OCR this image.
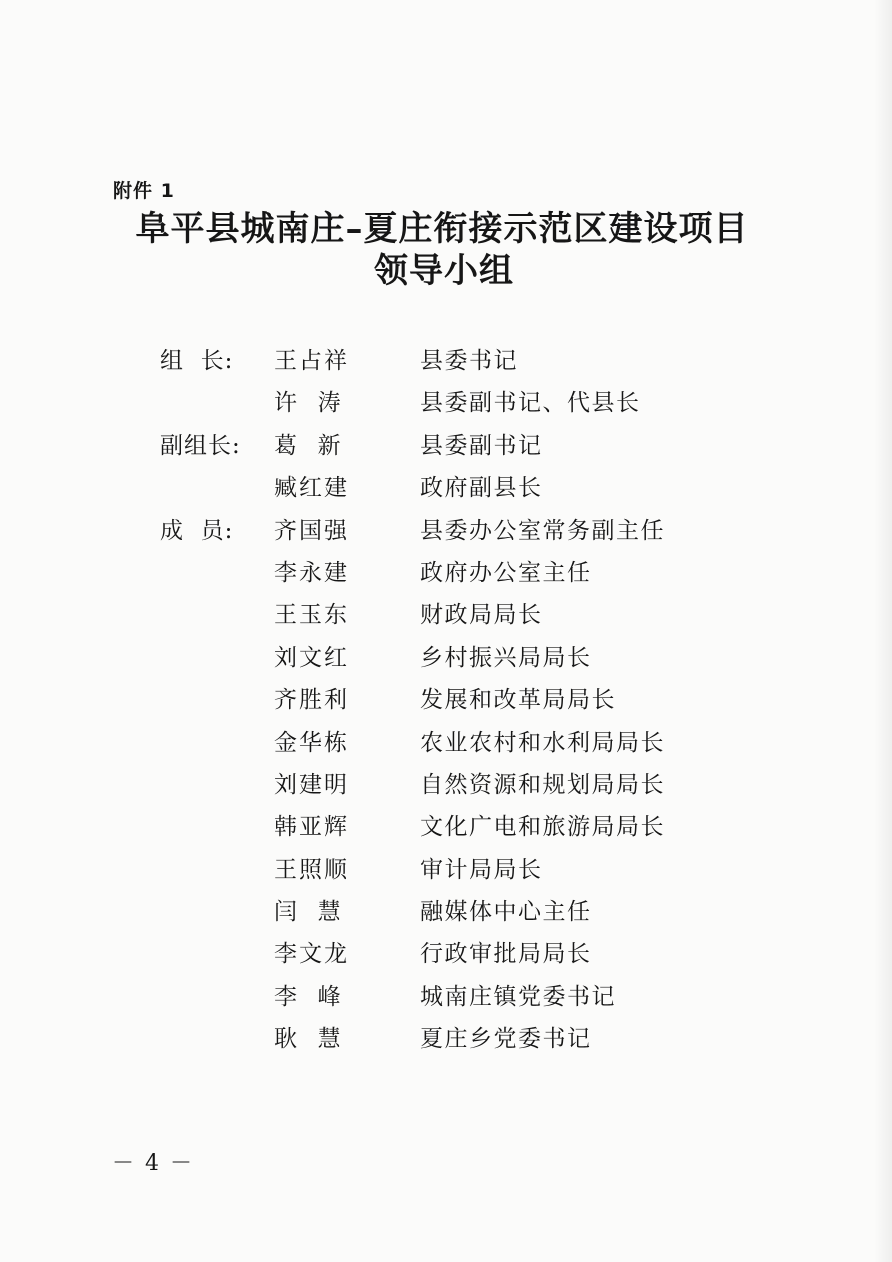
附件 1
阜平县城南庄–夏庄衔接示范区建设项目
领导小组
组  长: 王占祥	县委书记
许  涛	县委副书记、代县长
副组长: 葛  新	县委副书记
臧红建	政府副县长
成  员: 齐国强	县委办公室常务副主任
李永建	政府办公室主任
王玉东	财政局局长
刘文红	乡村振兴局局长
齐胜利	发展和改革局局长
金华栋	农业农村和水利局局长
刘建明	自然资源和规划局局长
韩亚辉	文化广电和旅游局局长
王照顺	审计局局长
闫  慧	融媒体中心主任
李文龙	行政审批局局长
李  峰	城南庄镇党委书记
耿  慧	夏庄乡党委书记
－ 4 －
